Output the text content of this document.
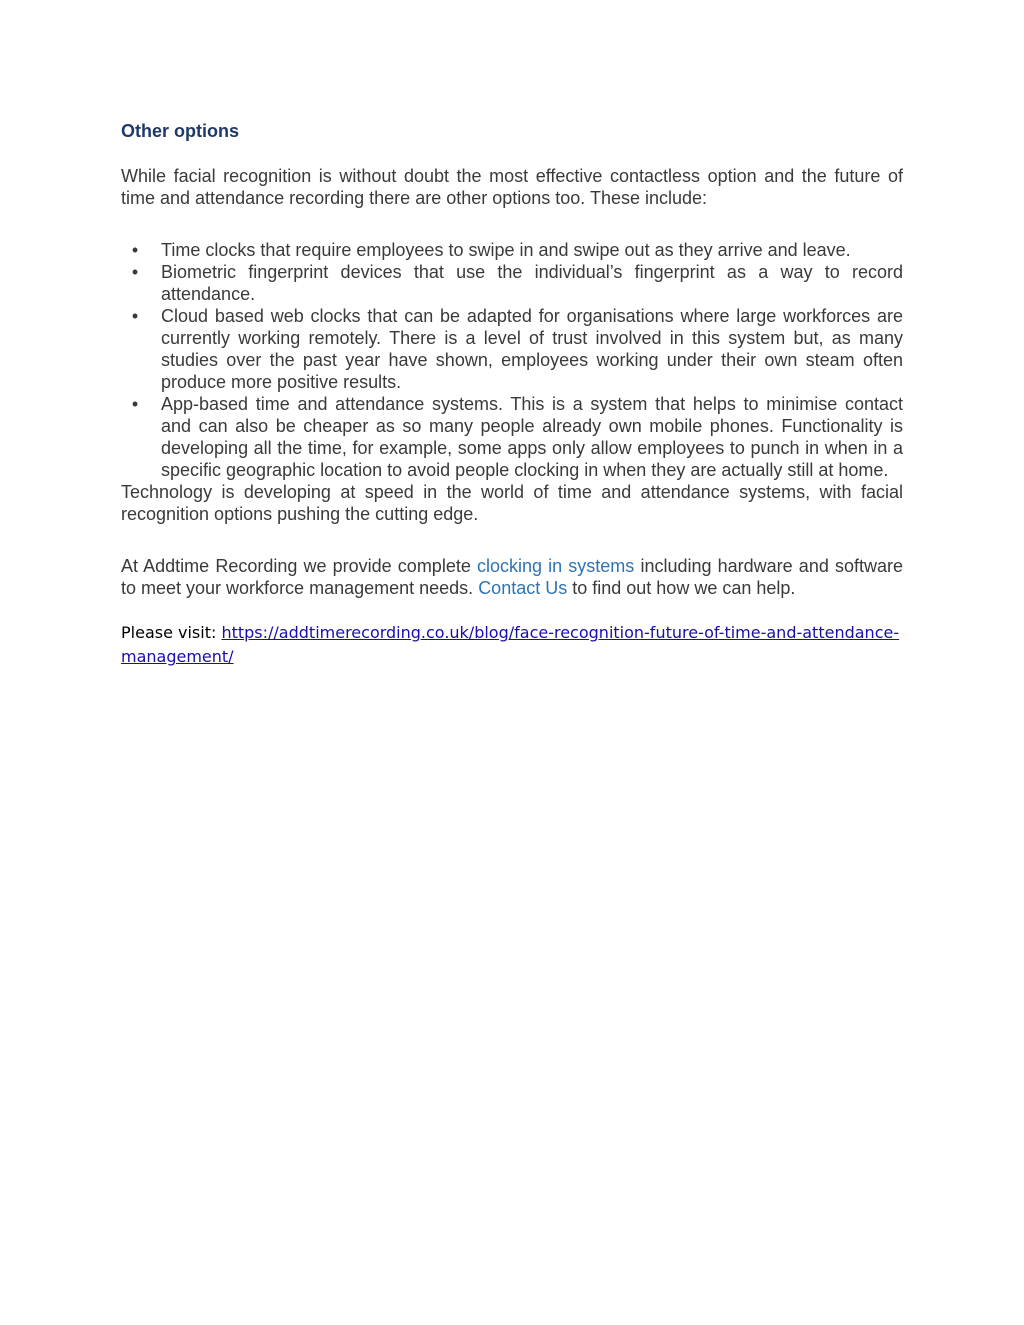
Other options

While facial recognition is without doubt the most effective contactless option and the future of time and attendance recording there are other options too. These include:

• Time clocks that require employees to swipe in and swipe out as they arrive and leave.
• Biometric fingerprint devices that use the individual’s fingerprint as a way to record attendance.
• Cloud based web clocks that can be adapted for organisations where large workforces are currently working remotely. There is a level of trust involved in this system but, as many studies over the past year have shown, employees working under their own steam often produce more positive results.
• App-based time and attendance systems. This is a system that helps to minimise contact and can also be cheaper as so many people already own mobile phones. Functionality is developing all the time, for example, some apps only allow employees to punch in when in a specific geographic location to avoid people clocking in when they are actually still at home.

Technology is developing at speed in the world of time and attendance systems, with facial recognition options pushing the cutting edge.

At Addtime Recording we provide complete clocking in systems including hardware and software to meet your workforce management needs. Contact Us to find out how we can help.

Please visit: https://addtimerecording.co.uk/blog/face-recognition-future-of-time-and-attendance-management/
